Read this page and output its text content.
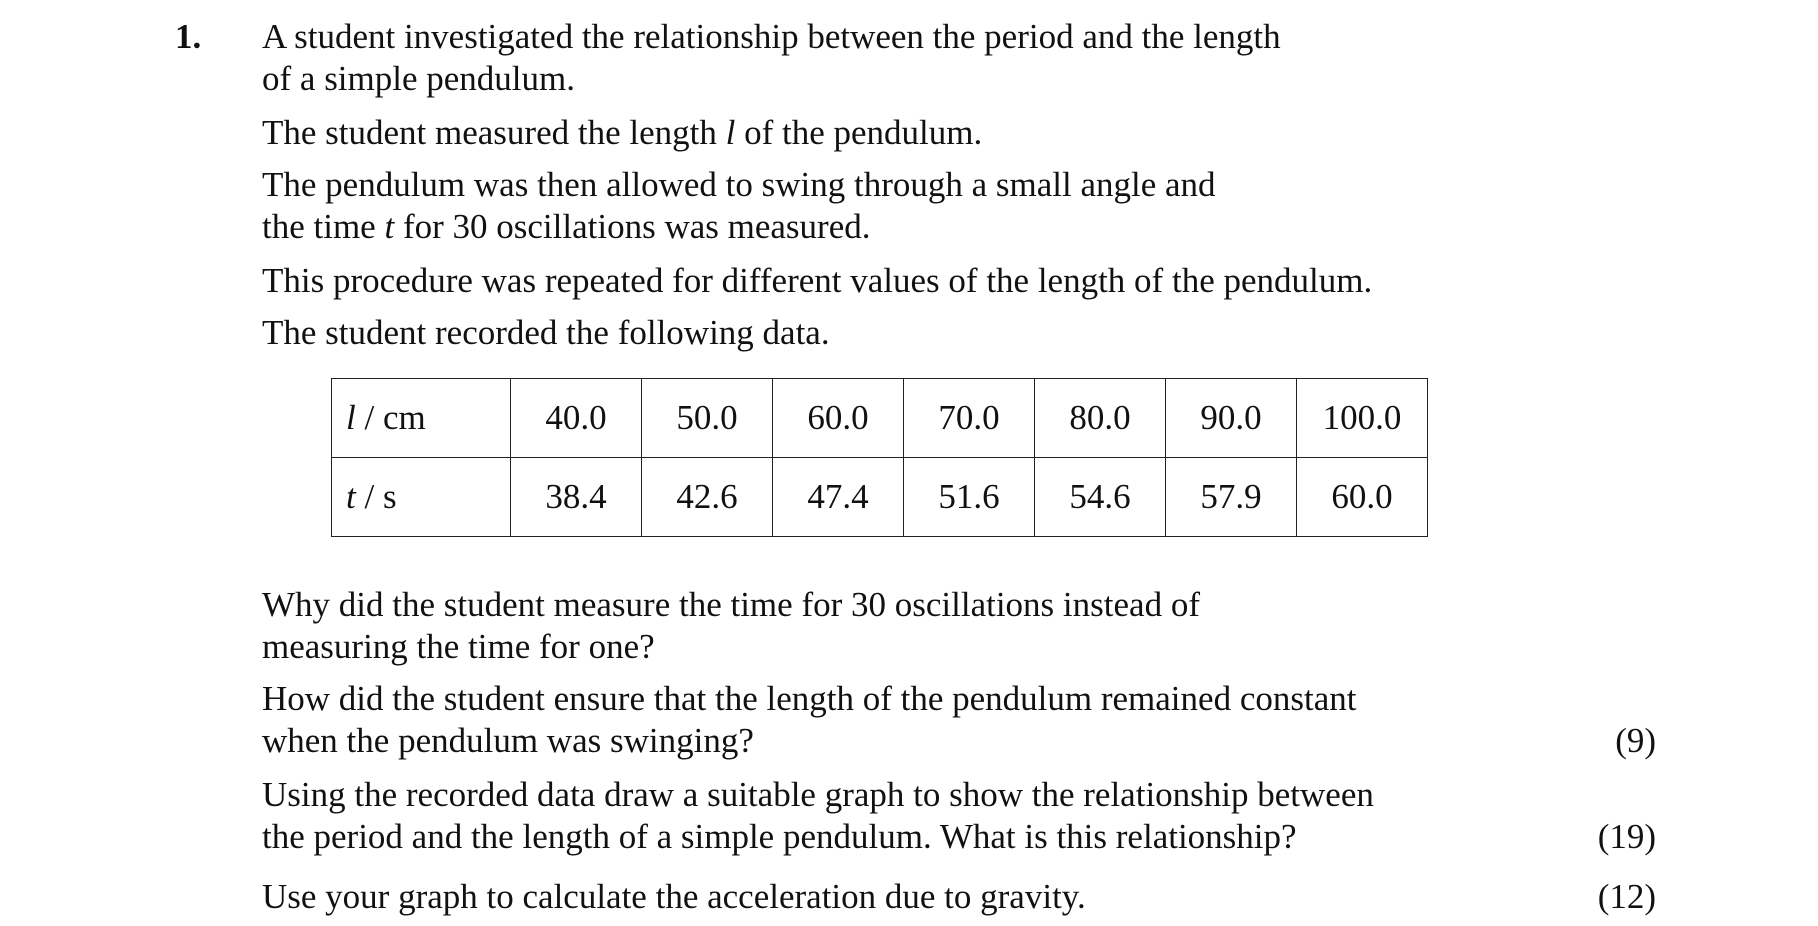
1. A student investigated the relationship between the period and the length
of a simple pendulum.
The student measured the length l of the pendulum.
The pendulum was then allowed to swing through a small angle and
the time t for 30 oscillations was measured.
This procedure was repeated for different values of the length of the pendulum.
The student recorded the following data.
l / cm	40.0	50.0	60.0	70.0	80.0	90.0	100.0
t / s	38.4	42.6	47.4	51.6	54.6	57.9	60.0
Why did the student measure the time for 30 oscillations instead of
measuring the time for one?
How did the student ensure that the length of the pendulum remained constant
when the pendulum was swinging?	(9)
Using the recorded data draw a suitable graph to show the relationship between
the period and the length of a simple pendulum. What is this relationship?	(19)
Use your graph to calculate the acceleration due to gravity.	(12)
